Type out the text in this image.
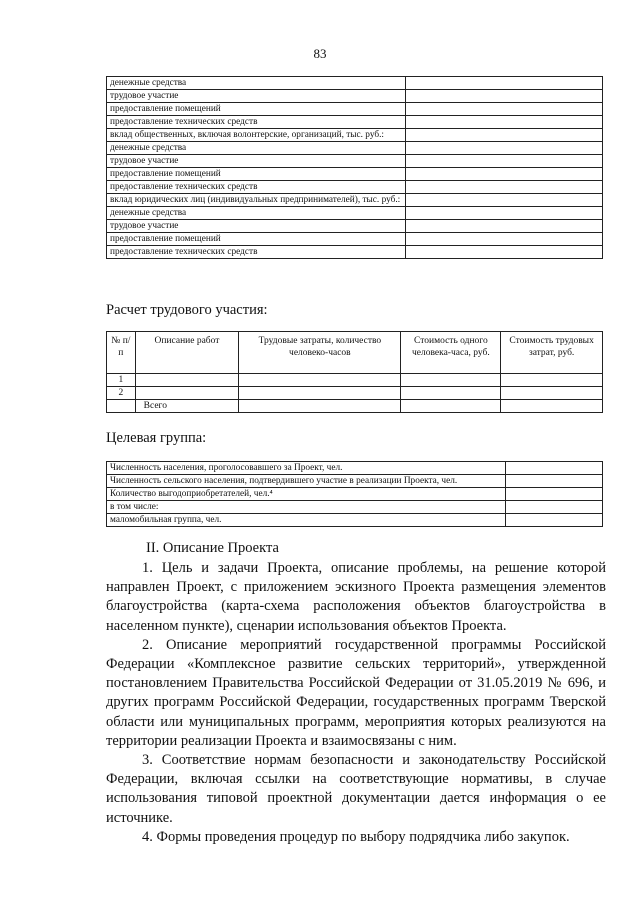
83
денежные средства	
трудовое участие	
предоставление помещений	
предоставление технических средств	
вклад общественных, включая волонтерские, организаций, тыс. руб.:	
денежные средства	
трудовое участие	
предоставление помещений	
предоставление технических средств	
вклад юридических лиц (индивидуальных предпринимателей), тыс. руб.:	
денежные средства	
трудовое участие	
предоставление помещений	
предоставление технических средств	
Расчет трудового участия:
№ п/п	Описание работ	Трудовые затраты, количество человеко-часов	Стоимость одного человека-часа, руб.	Стоимость трудовых затрат, руб.
1				
2				
	Всего			
Целевая группа:
Численность населения, проголосовавшего за Проект, чел.	
Численность сельского населения, подтвердившего участие в реализации Проекта, чел.	
Количество выгодоприобретателей, чел.⁴	
в том числе:	
маломобильная группа, чел.	
II. Описание Проекта

1. Цель и задачи Проекта, описание проблемы, на решение которой направлен Проект, с приложением эскизного Проекта размещения элементов благоустройства (карта-схема расположения объектов благоустройства в населенном пункте), сценарии использования объектов Проекта.

2. Описание мероприятий государственной программы Российской Федерации «Комплексное развитие сельских территорий», утвержденной постановлением Правительства Российской Федерации от 31.05.2019 № 696, и других программ Российской Федерации, государственных программ Тверской области или муниципальных программ, мероприятия которых реализуются на территории реализации Проекта и взаимосвязаны с ним.

3. Соответствие нормам безопасности и законодательству Российской Федерации, включая ссылки на соответствующие нормативы, в случае использования типовой проектной документации дается информация о ее источнике.

4. Формы проведения процедур по выбору подрядчика либо закупок.
